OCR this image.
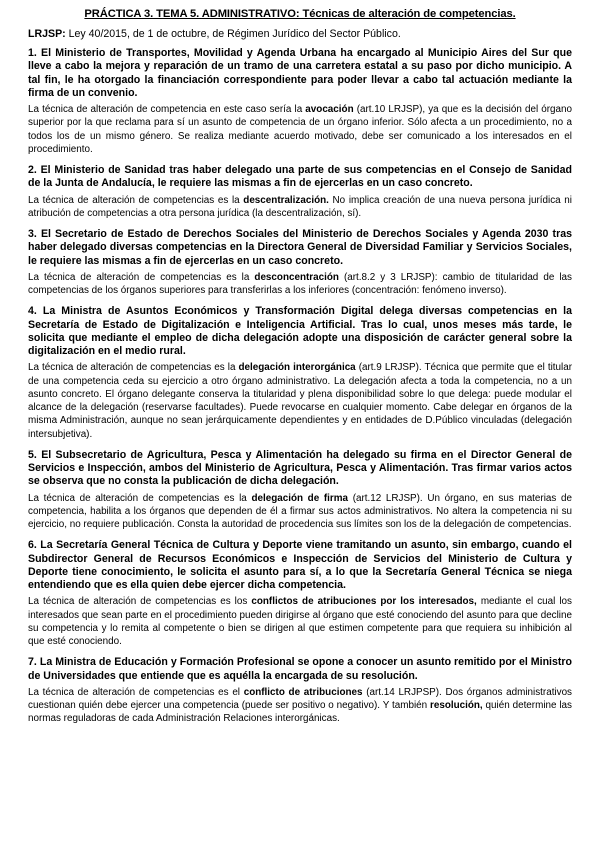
PRÁCTICA 3. TEMA 5. ADMINISTRATIVO: Técnicas de alteración de competencias.
LRJSP: Ley 40/2015, de 1 de octubre, de Régimen Jurídico del Sector Público.
1. El Ministerio de Transportes, Movilidad y Agenda Urbana ha encargado al Municipio Aires del Sur que lleve a cabo la mejora y reparación de un tramo de una carretera estatal a su paso por dicho municipio. A tal fin, le ha otorgado la financiación correspondiente para poder llevar a cabo tal actuación mediante la firma de un convenio.
La técnica de alteración de competencia en este caso sería la avocación (art.10 LRJSP), ya que es la decisión del órgano superior por la que reclama para sí un asunto de competencia de un órgano inferior. Sólo afecta a un procedimiento, no a todos los de un mismo género. Se realiza mediante acuerdo motivado, debe ser comunicado a los interesados en el procedimiento.
2. El Ministerio de Sanidad tras haber delegado una parte de sus competencias en el Consejo de Sanidad de la Junta de Andalucía, le requiere las mismas a fin de ejercerlas en un caso concreto.
La técnica de alteración de competencias es la descentralización. No implica creación de una nueva persona jurídica ni atribución de competencias a otra persona jurídica (la descentralización, sí).
3. El Secretario de Estado de Derechos Sociales del Ministerio de Derechos Sociales y Agenda 2030 tras haber delegado diversas competencias en la Directora General de Diversidad Familiar y Servicios Sociales, le requiere las mismas a fin de ejercerlas en un caso concreto.
La técnica de alteración de competencias es la desconcentración (art.8.2 y 3 LRJSP): cambio de titularidad de las competencias de los órganos superiores para transferirlas a los inferiores (concentración: fenómeno inverso).
4. La Ministra de Asuntos Económicos y Transformación Digital delega diversas competencias en la Secretaría de Estado de Digitalización e Inteligencia Artificial. Tras lo cual, unos meses más tarde, le solicita que mediante el empleo de dicha delegación adopte una disposición de carácter general sobre la digitalización en el medio rural.
La técnica de alteración de competencias es la delegación interorgánica (art.9 LRJSP). Técnica que permite que el titular de una competencia ceda su ejercicio a otro órgano administrativo. La delegación afecta a toda la competencia, no a un asunto concreto. El órgano delegante conserva la titularidad y plena disponibilidad sobre lo que delega: puede modular el alcance de la delegación (reservarse facultades). Puede revocarse en cualquier momento. Cabe delegar en órganos de la misma Administración, aunque no sean jerárquicamente dependientes y en entidades de D.Público vinculadas (delegación intersubjetiva).
5. El Subsecretario de Agricultura, Pesca y Alimentación ha delegado su firma en el Director General de Servicios e Inspección, ambos del Ministerio de Agricultura, Pesca y Alimentación. Tras firmar varios actos se observa que no consta la publicación de dicha delegación.
La técnica de alteración de competencias es la delegación de firma (art.12 LRJSP). Un órgano, en sus materias de competencia, habilita a los órganos que dependen de él a firmar sus actos administrativos. No altera la competencia ni su ejercicio, no requiere publicación. Consta la autoridad de procedencia sus límites son los de la delegación de competencias.
6. La Secretaría General Técnica de Cultura y Deporte viene tramitando un asunto, sin embargo, cuando el Subdirector General de Recursos Económicos e Inspección de Servicios del Ministerio de Cultura y Deporte tiene conocimiento, le solicita el asunto para sí, a lo que la Secretaría General Técnica se niega entendiendo que es ella quien debe ejercer dicha competencia.
La técnica de alteración de competencias es los conflictos de atribuciones por los interesados, mediante el cual los interesados que sean parte en el procedimiento pueden dirigirse al órgano que esté conociendo del asunto para que decline su competencia y lo remita al competente o bien se dirigen al que estimen competente para que requiera su inhibición al que esté conociendo.
7. La Ministra de Educación y Formación Profesional se opone a conocer un asunto remitido por el Ministro de Universidades que entiende que es aquélla la encargada de su resolución.
La técnica de alteración de competencias es el conflicto de atribuciones (art.14 LRJPSP). Dos órganos administrativos cuestionan quién debe ejercer una competencia (puede ser positivo o negativo). Y también resolución, quién determine las normas reguladoras de cada Administración Relaciones interorgánicas.
